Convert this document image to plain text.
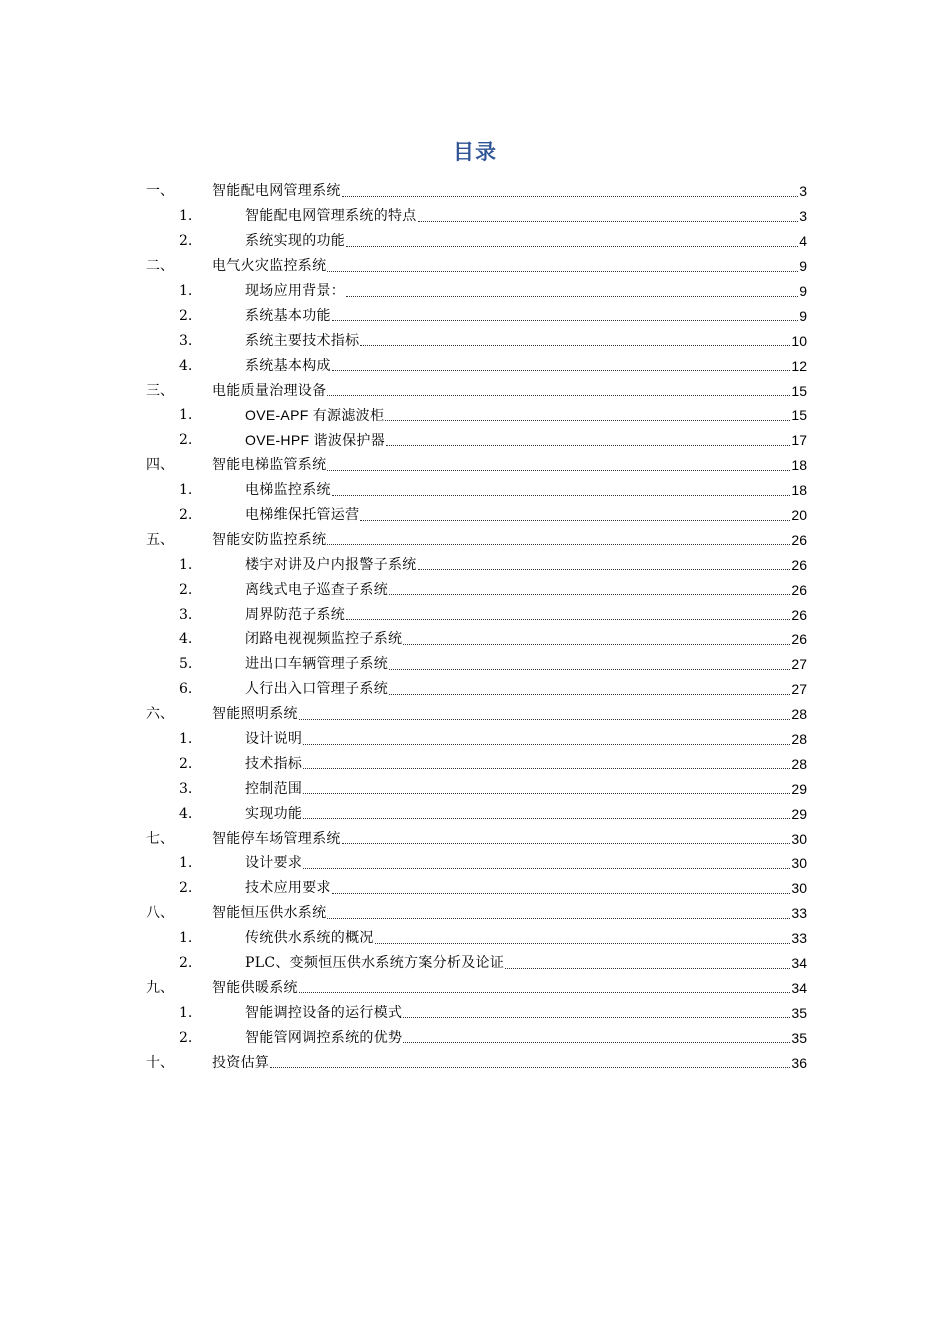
目录
一、	智能配电网管理系统	3
1.	智能配电网管理系统的特点	3
2.	系统实现的功能	4
二、	电气火灾监控系统	9
1.	现场应用背景：	9
2.	系统基本功能	9
3.	系统主要技术指标	10
4.	系统基本构成	12
三、	电能质量治理设备	15
1.	OVE-APF 有源滤波柜	15
2.	OVE-HPF 谐波保护器	17
四、	智能电梯监管系统	18
1.	电梯监控系统	18
2.	电梯维保托管运营	20
五、	智能安防监控系统	26
1.	楼宇对讲及户内报警子系统	26
2.	离线式电子巡查子系统	26
3.	周界防范子系统	26
4.	闭路电视视频监控子系统	26
5.	进出口车辆管理子系统	27
6.	人行出入口管理子系统	27
六、	智能照明系统	28
1.	设计说明	28
2.	技术指标	28
3.	控制范围	29
4.	实现功能	29
七、	智能停车场管理系统	30
1.	设计要求	30
2.	技术应用要求	30
八、	智能恒压供水系统	33
1.	传统供水系统的概况	33
2.	PLC、变频恒压供水系统方案分析及论证	34
九、	智能供暖系统	34
1.	智能调控设备的运行模式	35
2.	智能管网调控系统的优势	35
十、	投资估算	36
